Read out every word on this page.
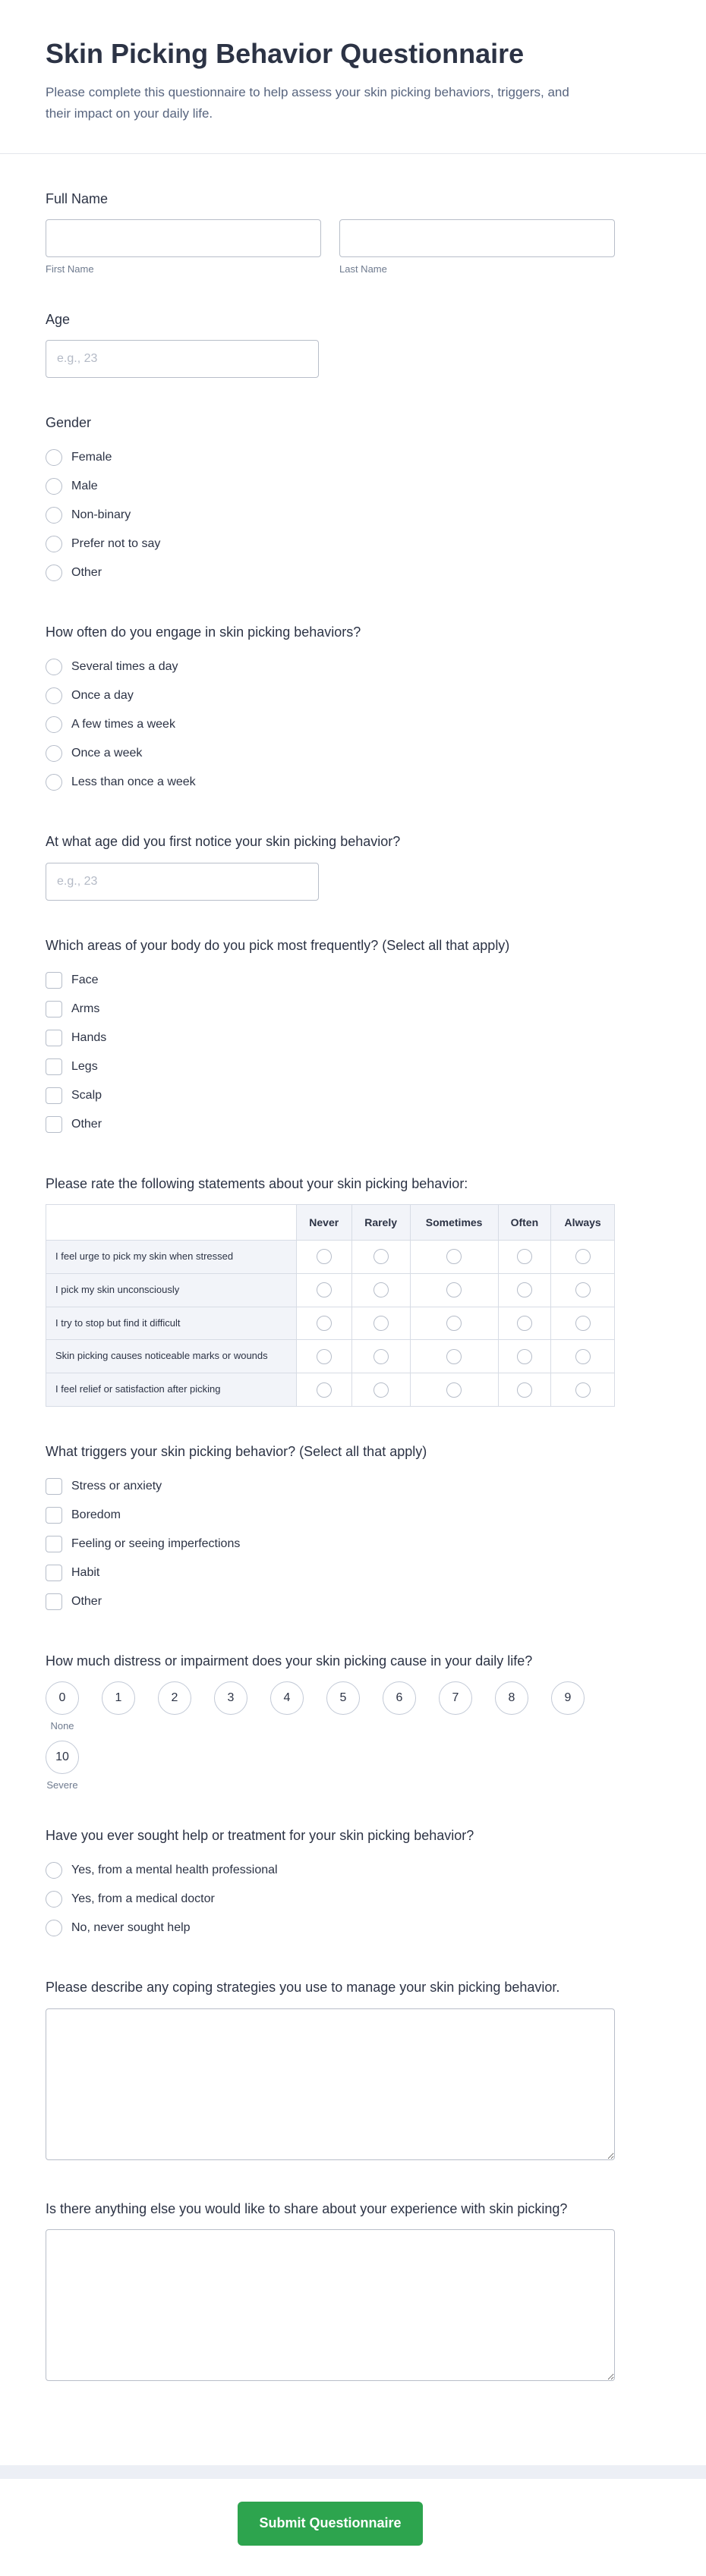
Skin Picking Behavior Questionnaire

Please complete this questionnaire to help assess your skin picking behaviors, triggers, and their impact on your daily life.

Full Name
First Name	Last Name
Age
e.g., 23
Gender
Female
Male
Non-binary
Prefer not to say
Other
How often do you engage in skin picking behaviors?
Several times a day
Once a day
A few times a week
Once a week
Less than once a week
At what age did you first notice your skin picking behavior?
e.g., 23
Which areas of your body do you pick most frequently? (Select all that apply)
Face
Arms
Hands
Legs
Scalp
Other
Please rate the following statements about your skin picking behavior:
	Never	Rarely	Sometimes	Often	Always
I feel urge to pick my skin when stressed					
I pick my skin unconsciously					
I try to stop but find it difficult					
Skin picking causes noticeable marks or wounds					
I feel relief or satisfaction after picking					
What triggers your skin picking behavior? (Select all that apply)
Stress or anxiety
Boredom
Feeling or seeing imperfections
Habit
Other
How much distress or impairment does your skin picking cause in your daily life?
0
None
1	2	3	4	5	6	7	8	9
10
Severe
Have you ever sought help or treatment for your skin picking behavior?
Yes, from a mental health professional
Yes, from a medical doctor
No, never sought help
Please describe any coping strategies you use to manage your skin picking behavior.
Is there anything else you would like to share about your experience with skin picking?
Submit Questionnaire
